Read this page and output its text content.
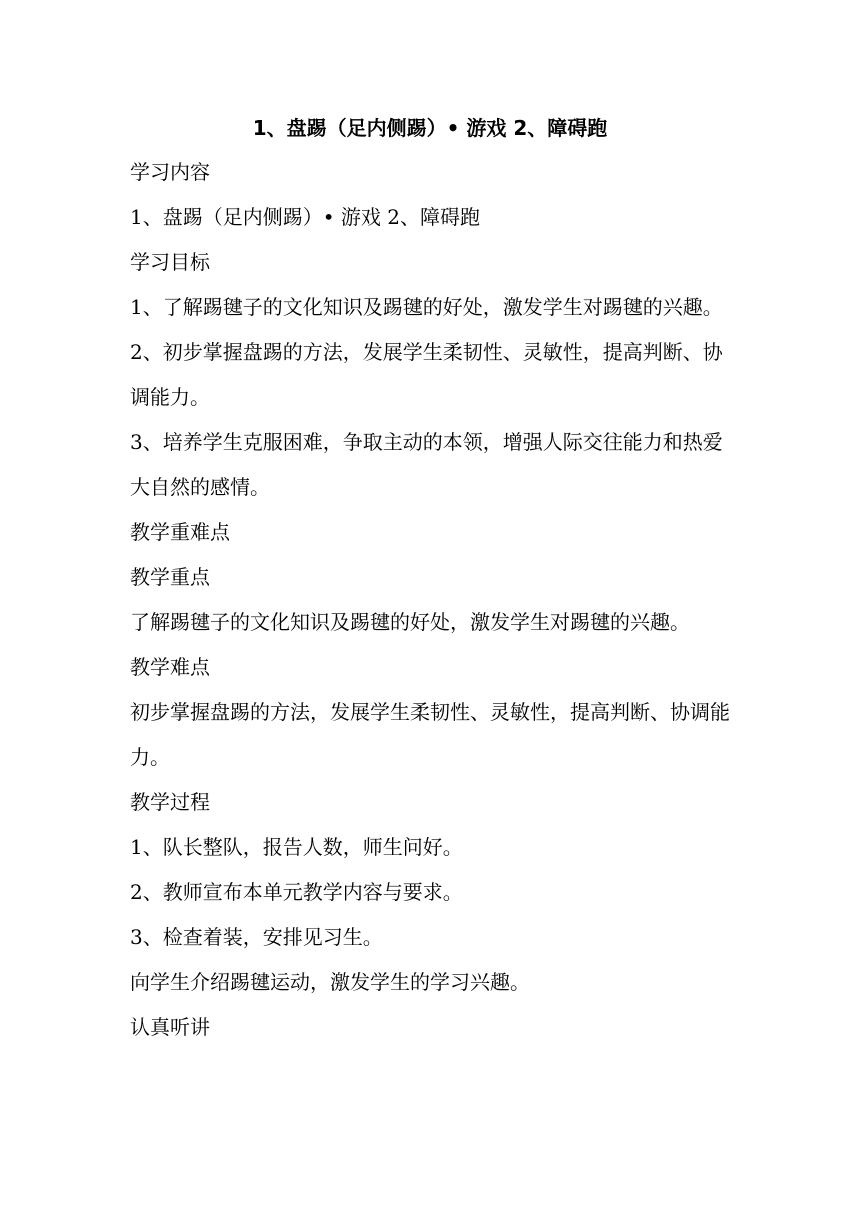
1、盘踢（足内侧踢）• 游戏 2、障碍跑

学习内容

1、盘踢（足内侧踢）• 游戏 2、障碍跑

学习目标

1、了解踢毽子的文化知识及踢毽的好处，激发学生对踢毽的兴趣。

2、初步掌握盘踢的方法，发展学生柔韧性、灵敏性，提高判断、协调能力。

3、培养学生克服困难，争取主动的本领，增强人际交往能力和热爱大自然的感情。

教学重难点

教学重点

了解踢毽子的文化知识及踢毽的好处，激发学生对踢毽的兴趣。

教学难点

初步掌握盘踢的方法，发展学生柔韧性、灵敏性，提高判断、协调能力。

教学过程

1、队长整队，报告人数，师生问好。

2、教师宣布本单元教学内容与要求。

3、检查着装，安排见习生。

向学生介绍踢毽运动，激发学生的学习兴趣。

认真听讲
